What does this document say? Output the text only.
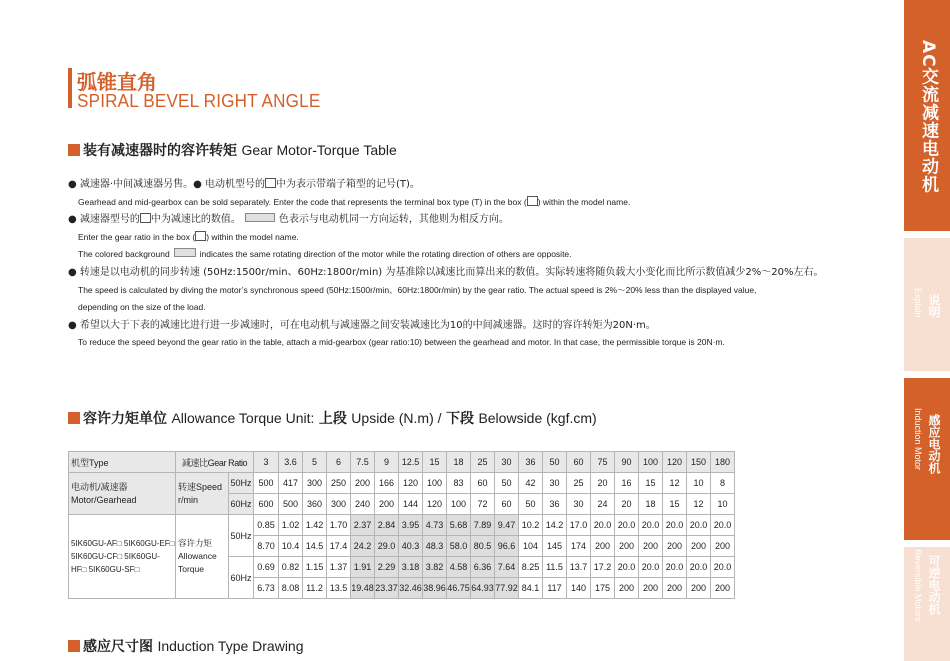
弧锥直角
SPIRAL BEVEL RIGHT ANGLE
装有减速器时的容许转矩 Gear Motor-Torque Table
● 减速器·中间减速器另售。● 电动机型号的 中为表示带端子箱型的记号(T)。
Gearhead and mid-gearbox can be sold separately. Enter the code that represents the terminal box type (T) in the box ( ) within the model name.
● 减速器型号的 中为减速比的数值。	色表示与电动机同一方向运转，其他则为相反方向。
Enter the gear ratio in the box ( ) within the model name.
The colored background	indicates the same rotating direction of the motor while the rotating direction of others are opposite.
● 转速是以电动机的同步转速 (50Hz:1500r/min、60Hz:1800r/min) 为基准除以减速比而算出来的数值。实际转速将随负载大小变化而比所示数值减少2%～20%左右。
The speed is calculated by diving the motor’s synchronous speed (50Hz:1500r/min、60Hz:1800r/min) by the gear ratio. The actual speed is 2%～20% less than the displayed value,
depending on the size of the load.
● 希望以大于下表的减速比进行进一步减速时，可在电动机与减速器之间安装减速比为10的中间减速器。这时的容许转矩为20N·m。
To reduce the speed beyond the gear ratio in the table, attach a mid-gearbox (gear ratio:10) between the gearhead and motor. In that case, the permissible torque is 20N·m.
容许力矩单位 Allowance Torque Unit: 上段 Upside (N.m) / 下段 Belowside (kgf.cm)
机型Type	减速比Gear Ratio		3	3.6	5	6	7.5	9	12.5	15	18	25	30	36	50	60	75	90	100	120	150	180
电动机/减速器 Motor/Gearhead	转速Speed r/min	50Hz	500	417	300	250	200	166	120	100	83	60	50	42	30	25	20	16	15	12	10	8
		60Hz	600	500	360	300	240	200	144	120	100	72	60	50	36	30	24	20	18	15	12	10
5IK60GU-AF□ 5IK60GU-EF□ 5IK60GU-CF□ 5IK60GU-HF□ 5IK60GU-SF□	容许力矩 Allowance Torque	50Hz	0.85	1.02	1.42	1.70	2.37	2.84	3.95	4.73	5.68	7.89	9.47	10.2	14.2	17.0	20.0	20.0	20.0	20.0	20.0	20.0
			8.70	10.4	14.5	17.4	24.2	29.0	40.3	48.3	58.0	80.5	96.6	104	145	174	200	200	200	200	200	200
		60Hz	0.69	0.82	1.15	1.37	1.91	2.29	3.18	3.82	4.58	6.36	7.64	8.25	11.5	13.7	17.2	20.0	20.0	20.0	20.0	20.0
			6.73	8.08	11.2	13.5	19.48	23.37	32.46	38.96	46.75	64.93	77.92	84.1	117	140	175	200	200	200	200	200
感应尺寸图 Induction Type Drawing
AC交流减速电动机
说明
Explain
感应电动机
Induction Motor
可逆电动机
Reversible Motors
